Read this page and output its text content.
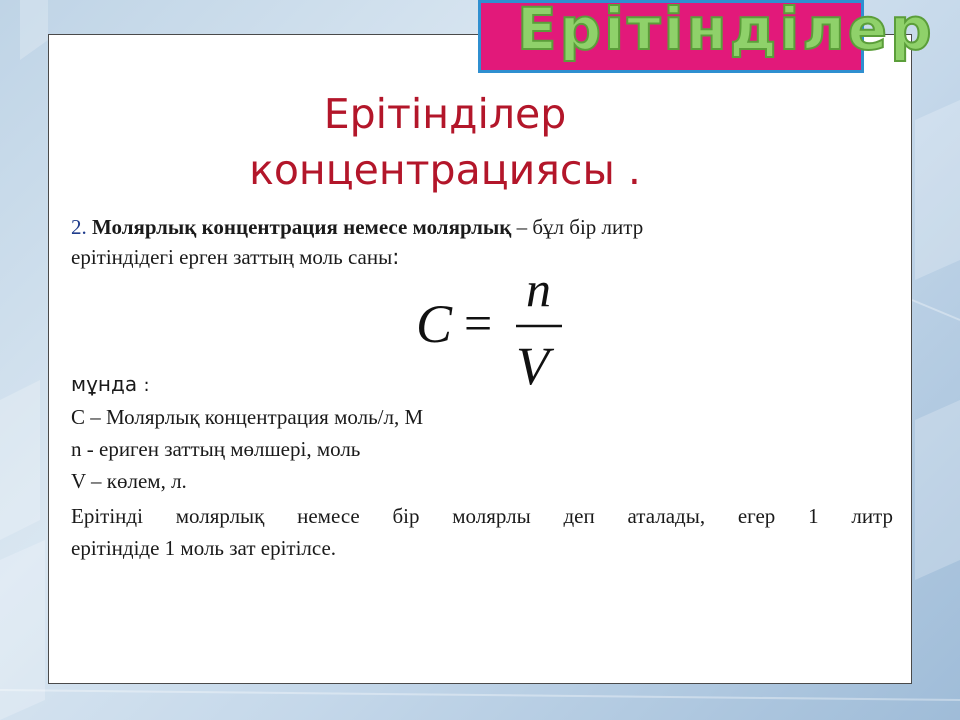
Ерітінділер
Ерітінділер
концентрациясы .
2. Молярлық концентрация немесе молярлық – бұл бір литр
ерітіндідегі ерген заттың моль саны:
C =
n
V
мұнда :
С – Молярлық концентрация моль/л, М
n - ериген заттың мөлшері, моль
V – көлем, л.
Ерітінді молярлық немесе бір молярлы деп аталады, егер 1 литр
ерітіндіде 1 моль зат ерітілсе.
